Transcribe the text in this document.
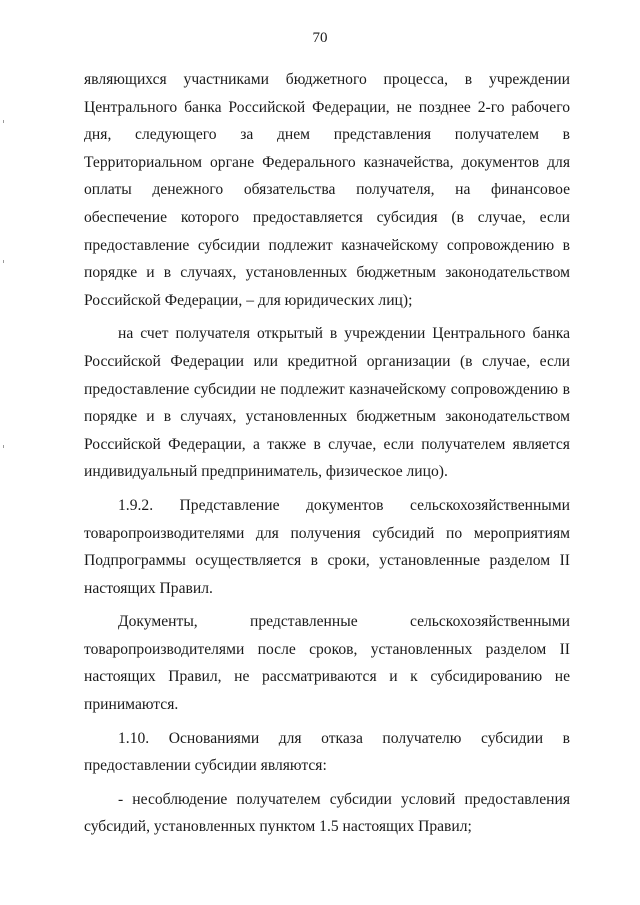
70

являющихся участниками бюджетного процесса, в учреждении Центрального банка Российской Федерации, не позднее 2-го рабочего дня, следующего за днем представления получателем в Территориальном органе Федерального казначейства, документов для оплаты денежного обязательства получателя, на финансовое обеспечение которого предоставляется субсидия (в случае, если предоставление субсидии подлежит казначейскому сопровождению в порядке и в случаях, установленных бюджетным законодательством Российской Федерации, – для юридических лиц);

на счет получателя открытый в учреждении Центрального банка Российской Федерации или кредитной организации (в случае, если предоставление субсидии не подлежит казначейскому сопровождению в порядке и в случаях, установленных бюджетным законодательством Российской Федерации, а также в случае, если получателем является индивидуальный предприниматель, физическое лицо).

1.9.2. Представление документов сельскохозяйственными товаропроизводителями для получения субсидий по мероприятиям Подпрограммы осуществляется в сроки, установленные разделом II настоящих Правил.

Документы, представленные сельскохозяйственными товаропроизводителями после сроков, установленных разделом II настоящих Правил, не рассматриваются и к субсидированию не принимаются.

1.10. Основаниями для отказа получателю субсидии в предоставлении субсидии являются:

- несоблюдение получателем субсидии условий предоставления субсидий, установленных пунктом 1.5 настоящих Правил;
